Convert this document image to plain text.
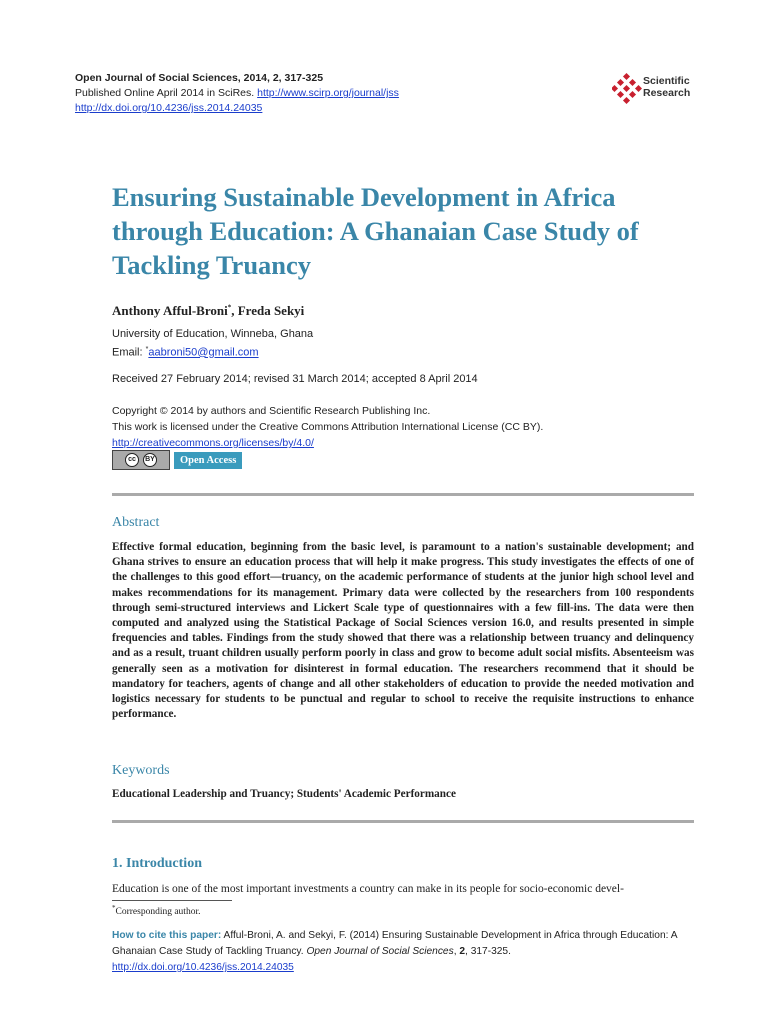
Open Journal of Social Sciences, 2014, 2, 317-325
Published Online April 2014 in SciRes. http://www.scirp.org/journal/jss
http://dx.doi.org/10.4236/jss.2014.24035
Scientific
Research
Ensuring Sustainable Development in Africa through Education: A Ghanaian Case Study of Tackling Truancy
Anthony Afful-Broni*, Freda Sekyi
University of Education, Winneba, Ghana
Email: *aabroni50@gmail.com
Received 27 February 2014; revised 31 March 2014; accepted 8 April 2014
Copyright © 2014 by authors and Scientific Research Publishing Inc.
This work is licensed under the Creative Commons Attribution International License (CC BY).
http://creativecommons.org/licenses/by/4.0/
cc	BY	Open Access
Abstract

Effective formal education, beginning from the basic level, is paramount to a nation's sustainable development; and Ghana strives to ensure an education process that will help it make progress. This study investigates the effects of one of the challenges to this good effort—truancy, on the academic performance of students at the junior high school level and makes recommendations for its management. Primary data were collected by the researchers from 100 respondents through semi-structured interviews and Lickert Scale type of questionnaires with a few fill-ins. The data were then computed and analyzed using the Statistical Package of Social Sciences version 16.0, and results presented in simple frequencies and tables. Findings from the study showed that there was a relationship between truancy and delinquency and as a result, truant children usually perform poorly in class and grow to become adult social misfits. Absenteeism was generally seen as a motivation for disinterest in formal education. The researchers recommend that it should be mandatory for teachers, agents of change and all other stakeholders of education to provide the needed motivation and logistics necessary for students to be punctual and regular to school to receive the requisite instructions to enhance performance.

Keywords
Educational Leadership and Truancy; Students' Academic Performance
1. Introduction
Education is one of the most important investments a country can make in its people for socio-economic devel-
*Corresponding author.
How to cite this paper: Afful-Broni, A. and Sekyi, F. (2014) Ensuring Sustainable Development in Africa through Education: A Ghanaian Case Study of Tackling Truancy. Open Journal of Social Sciences, 2, 317-325.
http://dx.doi.org/10.4236/jss.2014.24035
